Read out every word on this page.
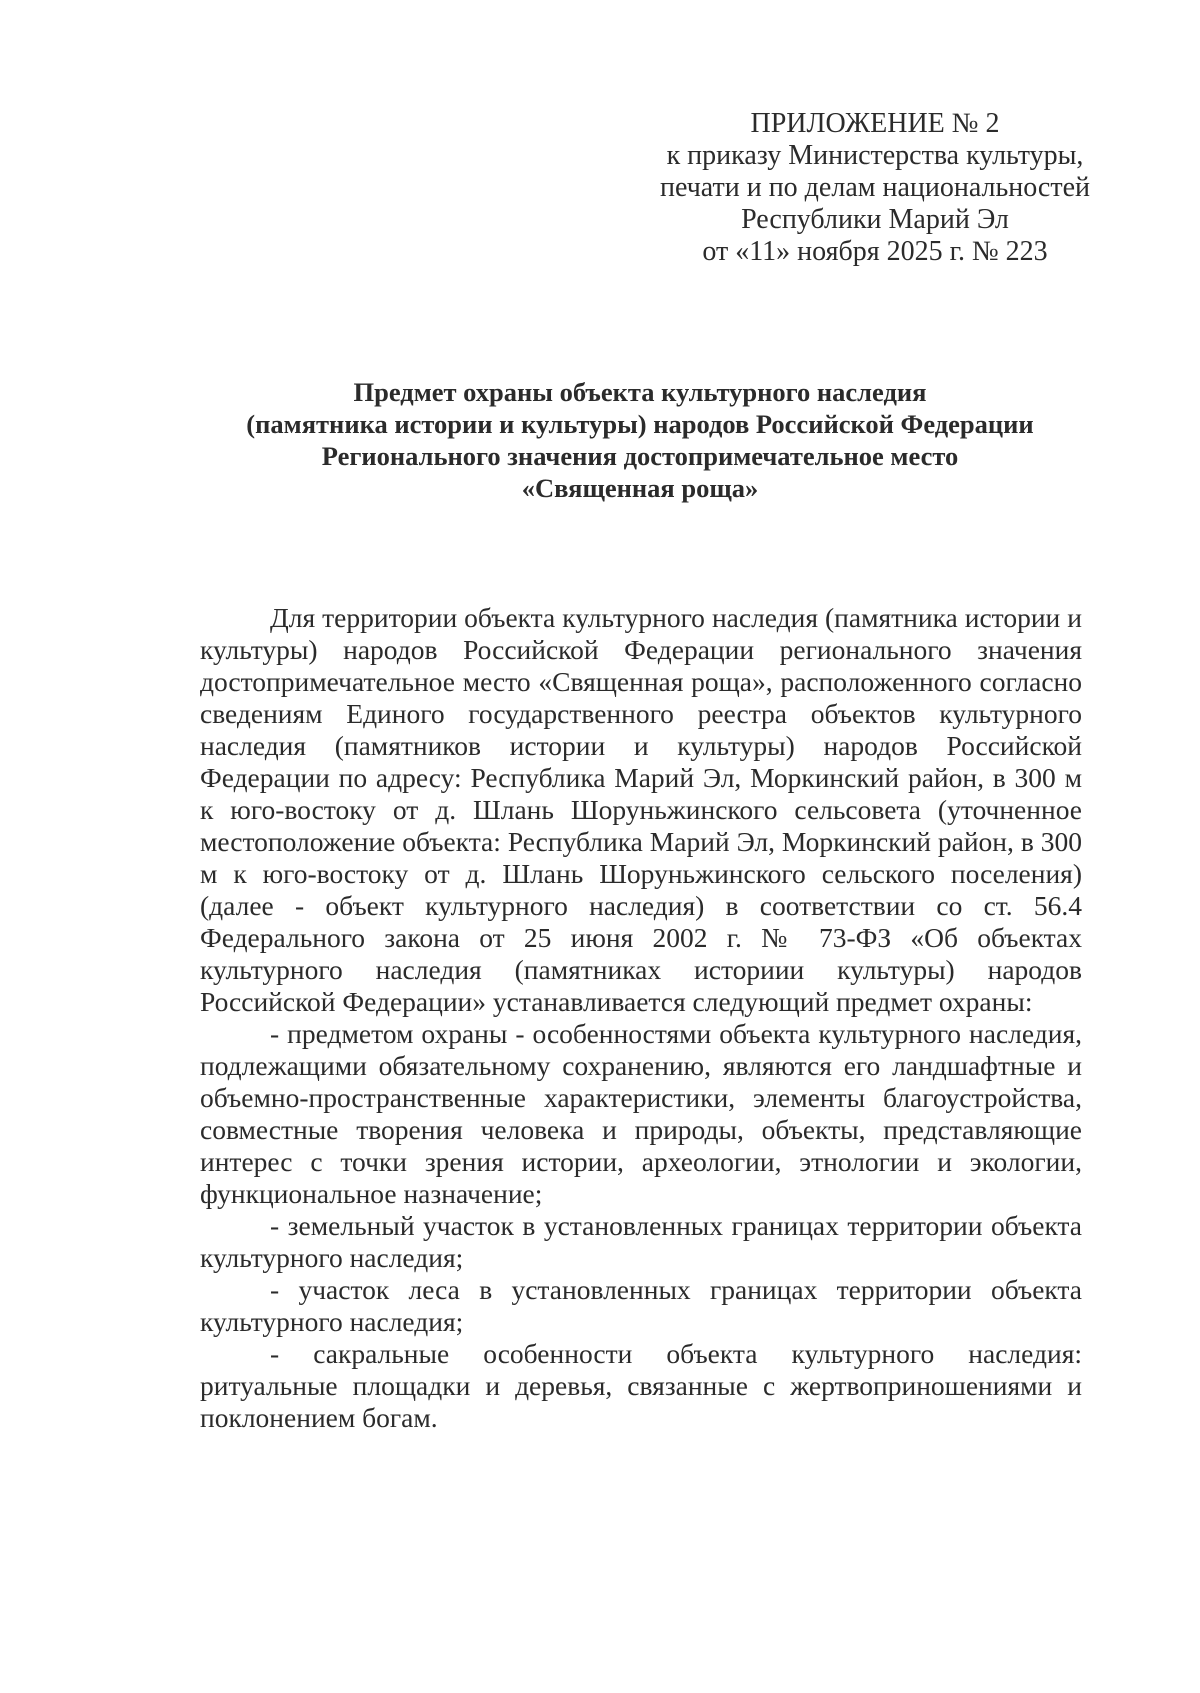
ПРИЛОЖЕНИЕ № 2
к приказу Министерства культуры,
печати и по делам национальностей
Республики Марий Эл
от «11» ноября 2025 г. № 223
Предмет охраны объекта культурного наследия
(памятника истории и культуры) народов Российской Федерации
Регионального значения достопримечательное место
«Священная роща»

Для территории объекта культурного наследия (памятника истории и культуры) народов Российской Федерации регионального значения достопримечательное место «Священная роща», расположенного согласно сведениям Единого государственного реестра объектов культурного наследия (памятников истории и культуры) народов Российской Федерации по адресу: Республика Марий Эл, Моркинский район, в 300 м к юго-востоку от д. Шлань Шоруньжинского сельсовета (уточненное местоположение объекта: Республика Марий Эл, Моркинский район, в 300 м к юго-востоку от д. Шлань Шоруньжинского сельского поселения) (далее - объект культурного наследия) в соответствии со ст. 56.4 Федерального закона от 25 июня 2002 г. № 73-ФЗ «Об объектах культурного наследия (памятниках историии культуры) народов Российской Федерации» устанавливается следующий предмет охраны:

- предметом охраны - особенностями объекта культурного наследия, подлежащими обязательному сохранению, являются его ландшафтные и объемно-пространственные характеристики, элементы благоустройства, совместные творения человека и природы, объекты, представляющие интерес с точки зрения истории, археологии, этнологии и экологии, функциональное назначение;

- земельный участок в установленных границах территории объекта культурного наследия;

- участок леса в установленных границах территории объекта культурного наследия;

- сакральные особенности объекта культурного наследия: ритуальные площадки и деревья, связанные с жертвоприношениями и поклонением богам.
